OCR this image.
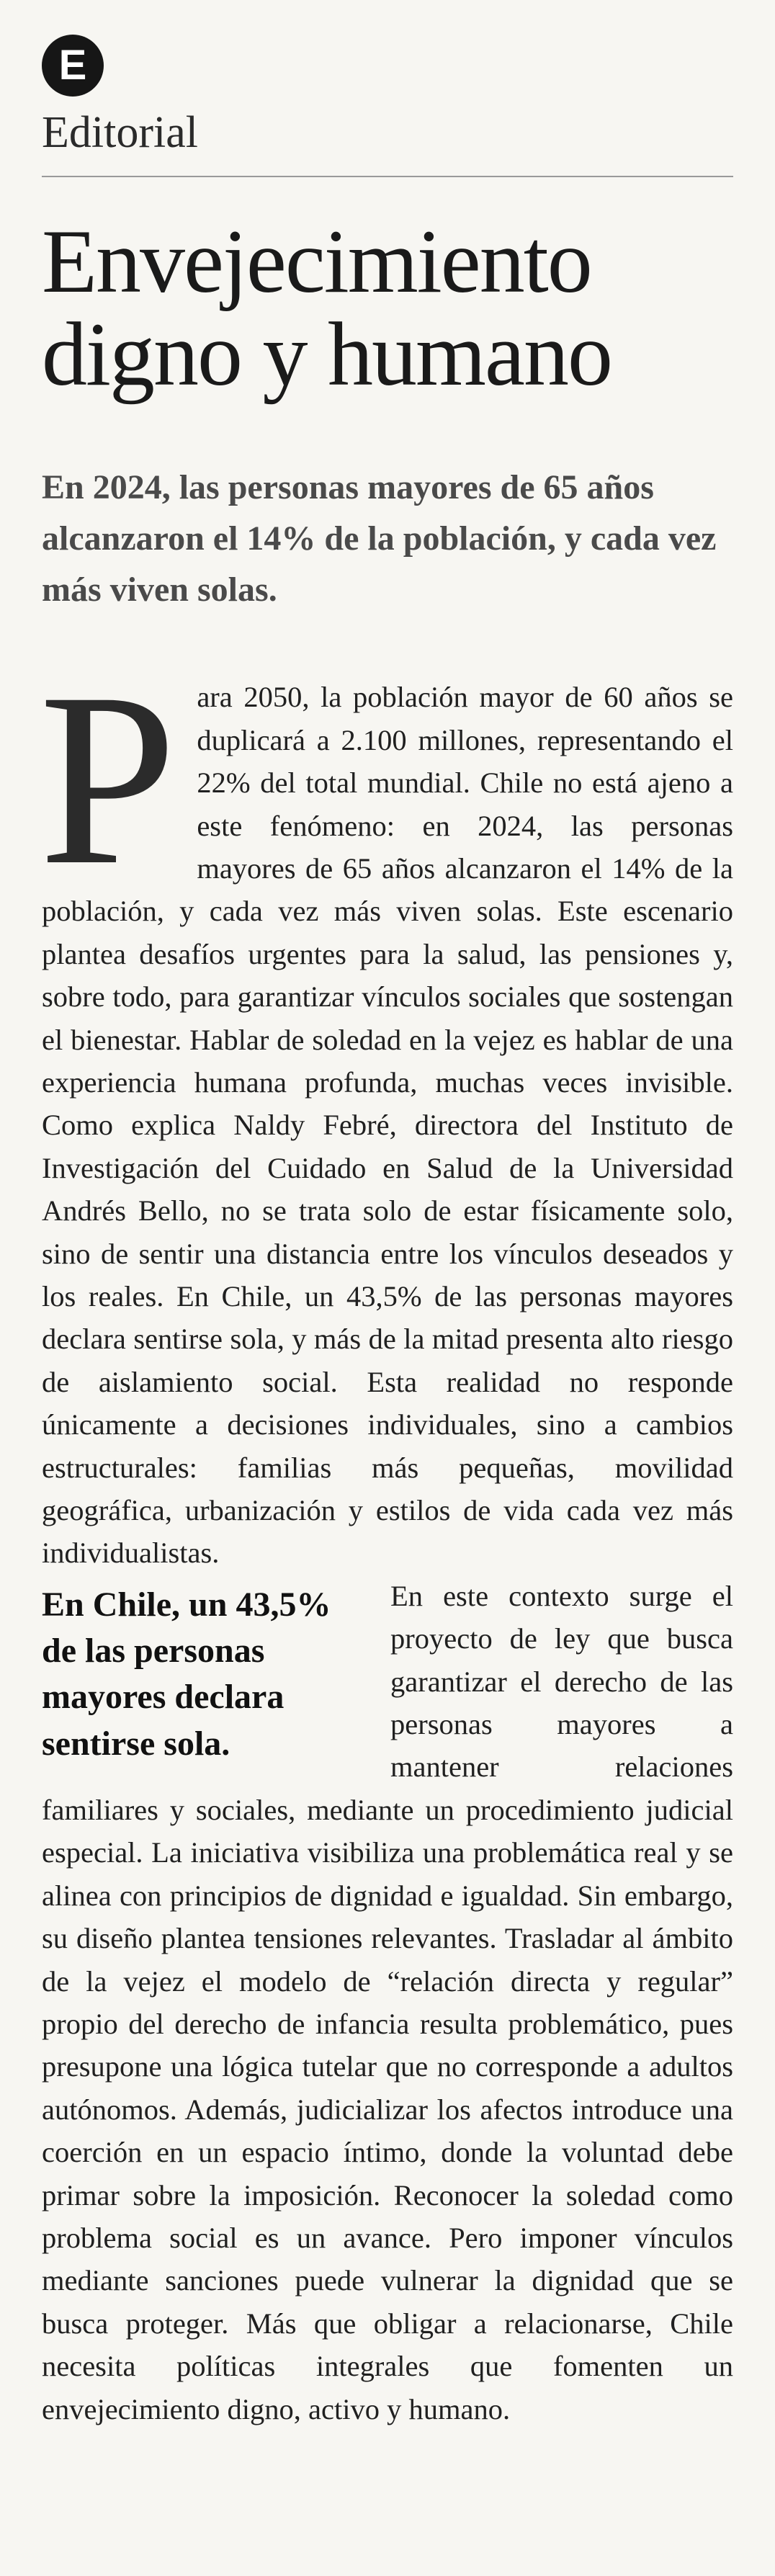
E
Editorial
Envejecimiento digno y humano
En 2024, las personas mayores de 65 años alcanzaron el 14% de la población, y cada vez más viven solas.

Para 2050, la población mayor de 60 años se duplicará a 2.100 millones, representando el 22% del total mundial. Chile no está ajeno a este fenómeno: en 2024, las personas mayores de 65 años alcanzaron el 14% de la población, y cada vez más viven solas. Este escenario plantea desafíos urgentes para la salud, las pensiones y, sobre todo, para garantizar vínculos sociales que sostengan el bienestar. Hablar de soledad en la vejez es hablar de una experiencia humana profunda, muchas veces invisible. Como explica Naldy Febré, directora del Instituto de Investigación del Cuidado en Salud de la Universidad Andrés Bello, no se trata solo de estar físicamente solo, sino de sentir una distancia entre los vínculos deseados y los reales. En Chile, un 43,5% de las personas mayores declara sentirse sola, y más de la mitad presenta alto riesgo de aislamiento social. Esta realidad no responde únicamente a decisiones individuales, sino a cambios estructurales: familias más pequeñas, movilidad geográfica, urbanización y estilos de vida cada vez más individualistas.

En Chile, un 43,5% de las personas mayores declara sentirse sola.

En este contexto surge el proyecto de ley que busca garantizar el derecho de las personas mayores a mantener relaciones familiares y sociales, mediante un procedimiento judicial especial. La iniciativa visibiliza una problemática real y se alinea con principios de dignidad e igualdad. Sin embargo, su diseño plantea tensiones relevantes. Trasladar al ámbito de la vejez el modelo de “relación directa y regular” propio del derecho de infancia resulta problemático, pues presupone una lógica tutelar que no corresponde a adultos autónomos. Además, judicializar los afectos introduce una coerción en un espacio íntimo, donde la voluntad debe primar sobre la imposición. Reconocer la soledad como problema social es un avance. Pero imponer vínculos mediante sanciones puede vulnerar la dignidad que se busca proteger. Más que obligar a relacionarse, Chile necesita políticas integrales que fomenten un envejecimiento digno, activo y humano.
